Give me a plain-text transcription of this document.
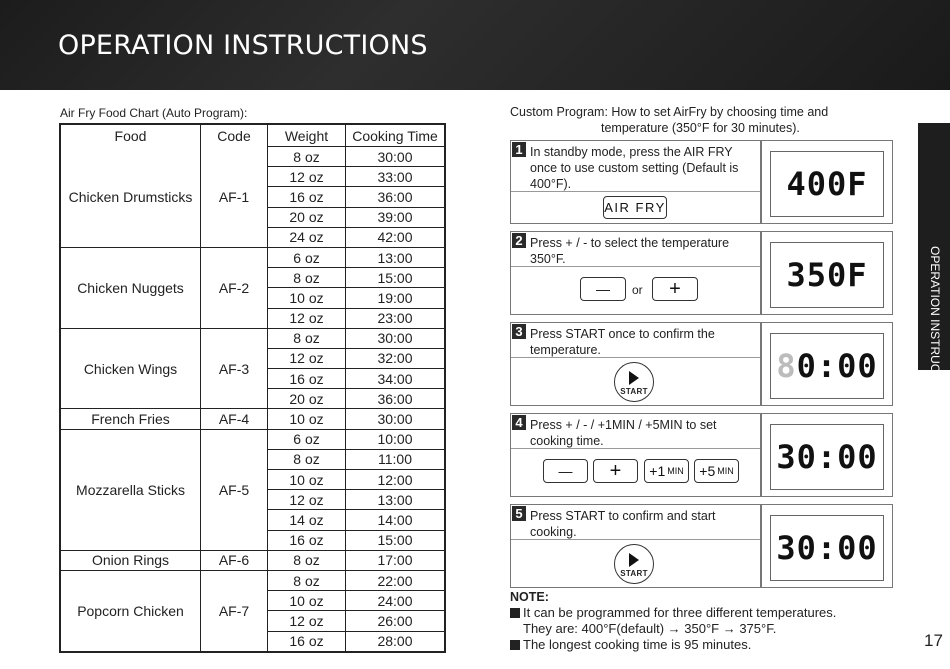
OPERATION INSTRUCTIONS
OPERATION INSTRUCTIONS
Air Fry Food Chart (Auto Program):
Food	Code	Weight	Cooking Time
Chicken Drumsticks	AF-1	8 oz	30:00
		12 oz	33:00
		16 oz	36:00
		20 oz	39:00
		24 oz	42:00
Chicken Nuggets	AF-2	6 oz	13:00
		8 oz	15:00
		10 oz	19:00
		12 oz	23:00
Chicken Wings	AF-3	8 oz	30:00
		12 oz	32:00
		16 oz	34:00
		20 oz	36:00
French Fries	AF-4	10 oz	30:00
Mozzarella Sticks	AF-5	6 oz	10:00
		8 oz	11:00
		10 oz	12:00
		12 oz	13:00
		14 oz	14:00
		16 oz	15:00
Onion Rings	AF-6	8 oz	17:00
Popcorn Chicken	AF-7	8 oz	22:00
		10 oz	24:00
		12 oz	26:00
		16 oz	28:00
Custom Program: How to set AirFry by choosing time and
temperature (350°F for 30 minutes).
1 In standby mode, press the AIR FRY once to use custom setting (Default is 400°F).
AIR FRY
400F
2 Press + / - to select the temperature 350°F.
—	or	+	350F
3 Press START once to confirm the temperature.
START
8 0:00
4 Press + / - / +1MIN / +5MIN to set cooking time.
—	+	+1 MIN +5 MIN 30:00
5 Press START to confirm and start cooking.
START
30:00
NOTE:
It can be programmed for three different temperatures.
They are: 400°F(default) → 350°F → 375°F.
The longest cooking time is 95 minutes.	17
